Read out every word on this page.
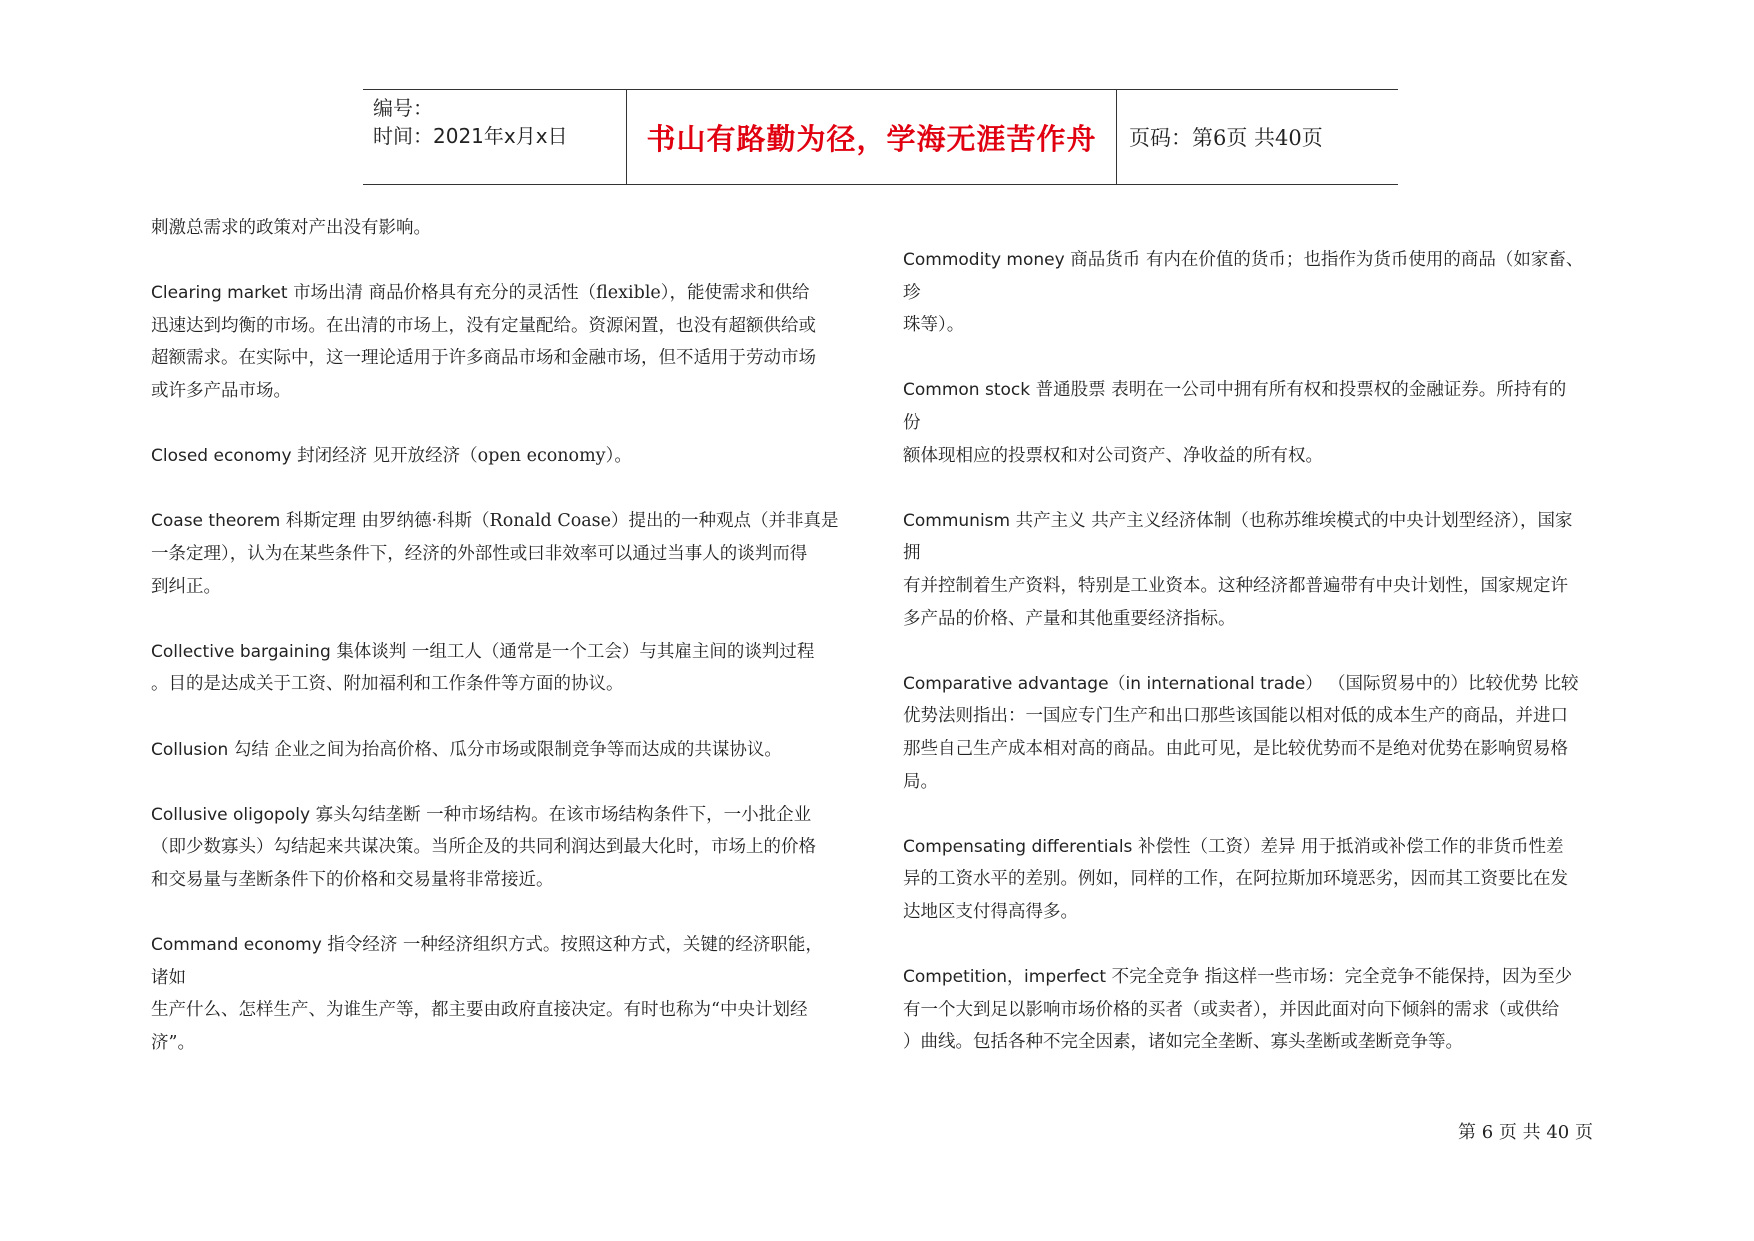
编号：
时间：2021年x月x日	书山有路勤为径，学海无涯苦作舟 页码：第6页 共40页
刺激总需求的政策对产出没有影响。
Clearing market 市场出清 商品价格具有充分的灵活性（flexible），能使需求和供给
迅速达到均衡的市场。在出清的市场上，没有定量配给。资源闲置，也没有超额供给或
超额需求。在实际中，这一理论适用于许多商品市场和金融市场，但不适用于劳动市场
或许多产品市场。
Closed economy 封闭经济 见开放经济（open economy）。
Coase theorem 科斯定理 由罗纳德·科斯（Ronald Coase）提出的一种观点（并非真是
一条定理），认为在某些条件下，经济的外部性或曰非效率可以通过当事人的谈判而得
到纠正。
Collective bargaining 集体谈判 一组工人（通常是一个工会）与其雇主间的谈判过程
。目的是达成关于工资、附加福利和工作条件等方面的协议。
Collusion 勾结 企业之间为抬高价格、瓜分市场或限制竞争等而达成的共谋协议。
Collusive oligopoly 寡头勾结垄断 一种市场结构。在该市场结构条件下，一小批企业
（即少数寡头）勾结起来共谋决策。当所企及的共同利润达到最大化时，市场上的价格
和交易量与垄断条件下的价格和交易量将非常接近。
Command economy 指令经济 一种经济组织方式。按照这种方式，关键的经济职能，
诸如
生产什么、怎样生产、为谁生产等，都主要由政府直接决定。有时也称为“中央计划经
济”。
Commodity money 商品货币 有内在价值的货币；也指作为货币使用的商品（如家畜、
珍
珠等）。
Common stock 普通股票 表明在一公司中拥有所有权和投票权的金融证券。所持有的
份
额体现相应的投票权和对公司资产、净收益的所有权。
Communism 共产主义 共产主义经济体制（也称苏维埃模式的中央计划型经济），国家
拥
有并控制着生产资料，特别是工业资本。这种经济都普遍带有中央计划性，国家规定许
多产品的价格、产量和其他重要经济指标。
Comparative advantage（in international trade） （国际贸易中的）比较优势 比较
优势法则指出：一国应专门生产和出口那些该国能以相对低的成本生产的商品，并进口
那些自己生产成本相对高的商品。由此可见，是比较优势而不是绝对优势在影响贸易格
局。
Compensating differentials 补偿性（工资）差异 用于抵消或补偿工作的非货币性差
异的工资水平的差别。例如，同样的工作，在阿拉斯加环境恶劣，因而其工资要比在发
达地区支付得高得多。
Competition，imperfect 不完全竞争 指这样一些市场：完全竞争不能保持，因为至少
有一个大到足以影响市场价格的买者（或卖者），并因此面对向下倾斜的需求（或供给
）曲线。包括各种不完全因素，诸如完全垄断、寡头垄断或垄断竞争等。
第 6 页 共 40 页
